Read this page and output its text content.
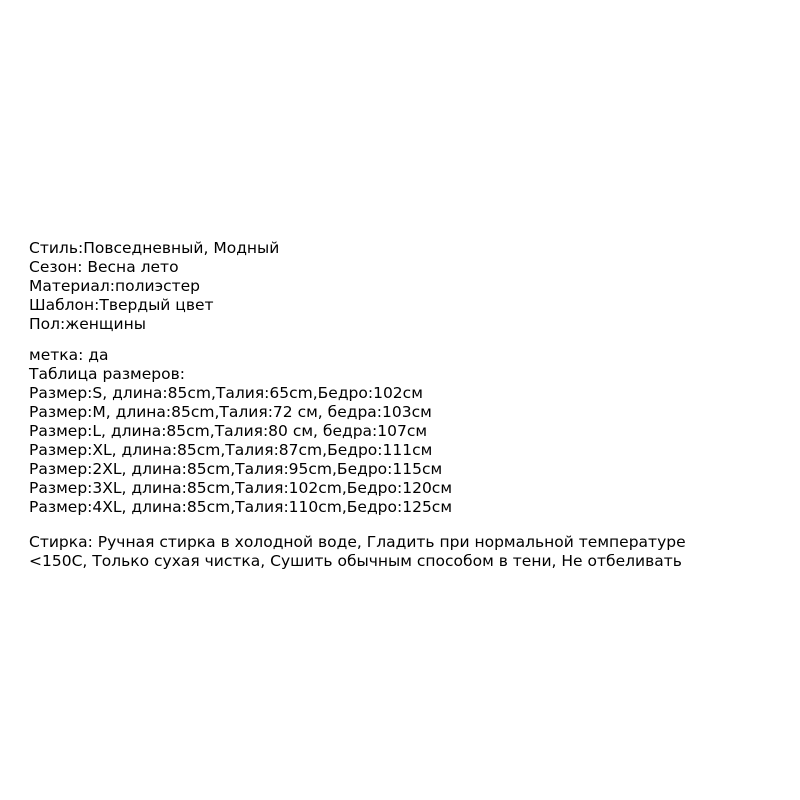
Стиль:Повседневный, Модный
Сезон: Весна лето
Материал:полиэстер
Шаблон:Твердый цвет
Пол:женщины
метка: да
Таблица размеров:
Размер:S, длина:85cm,Талия:65cm,Бедро:102см
Размер:M, длина:85cm,Талия:72 см, бедра:103см
Размер:L, длина:85cm,Талия:80 см, бедра:107см
Размер:XL, длина:85cm,Талия:87cm,Бедро:111см
Размер:2XL, длина:85cm,Талия:95cm,Бедро:115см
Размер:3XL, длина:85cm,Талия:102cm,Бедро:120см
Размер:4XL, длина:85cm,Талия:110cm,Бедро:125см
Стирка: Ручная стирка в холодной воде, Гладить при нормальной температуре
<150C, Только сухая чистка, Сушить обычным способом в тени, Не отбеливать
